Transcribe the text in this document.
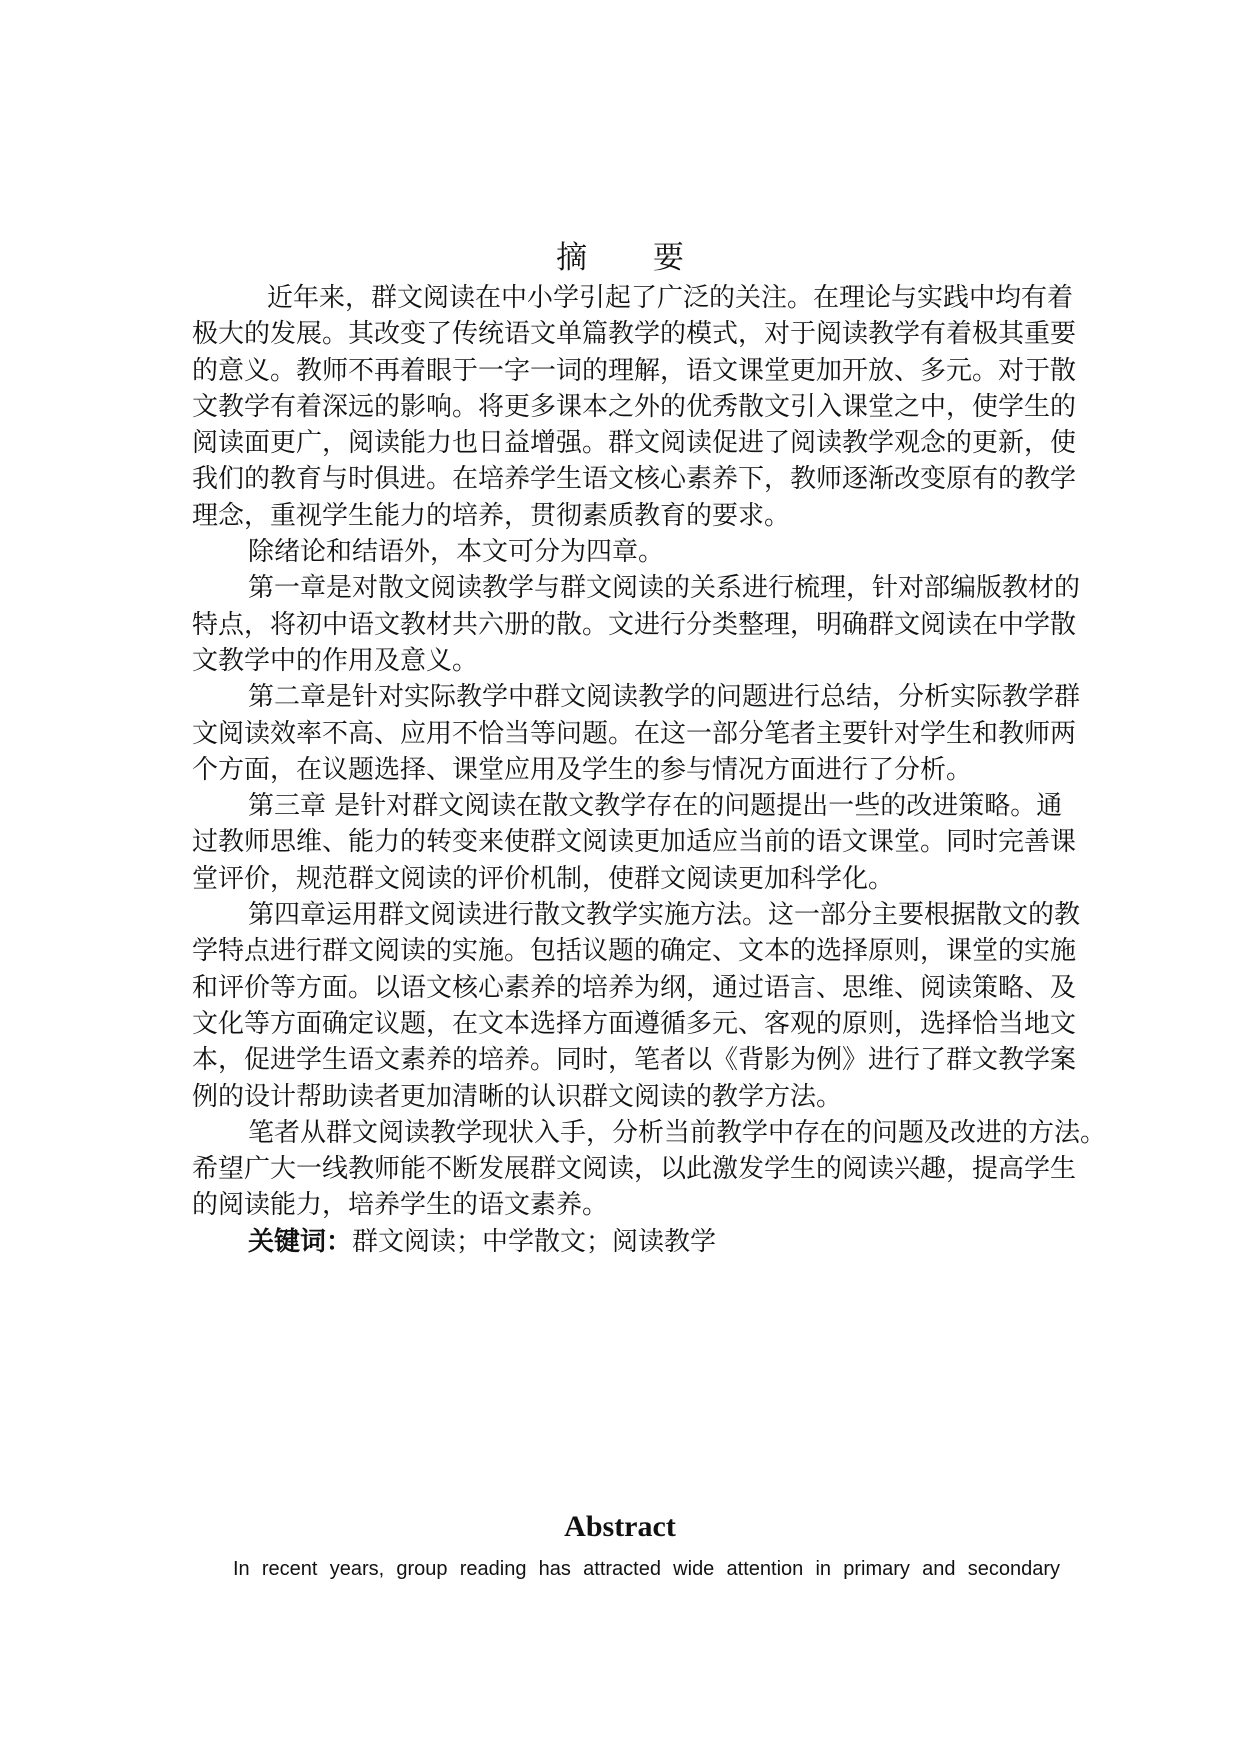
摘 要
近年来，群文阅读在中小学引起了广泛的关注。在理论与实践中均有着
极大的发展。其改变了传统语文单篇教学的模式，对于阅读教学有着极其重要
的意义。教师不再着眼于一字一词的理解，语文课堂更加开放、多元。对于散
文教学有着深远的影响。将更多课本之外的优秀散文引入课堂之中，使学生的
阅读面更广，阅读能力也日益增强。群文阅读促进了阅读教学观念的更新，使
我们的教育与时俱进。在培养学生语文核心素养下，教师逐渐改变原有的教学
理念，重视学生能力的培养，贯彻素质教育的要求。
除绪论和结语外，本文可分为四章。
第一章是对散文阅读教学与群文阅读的关系进行梳理，针对部编版教材的
特点，将初中语文教材共六册的散。文进行分类整理，明确群文阅读在中学散
文教学中的作用及意义。
第二章是针对实际教学中群文阅读教学的问题进行总结，分析实际教学群
文阅读效率不高、应用不恰当等问题。在这一部分笔者主要针对学生和教师两
个方面，在议题选择、课堂应用及学生的参与情况方面进行了分析。
第三章 是针对群文阅读在散文教学存在的问题提出一些的改进策略。通
过教师思维、能力的转变来使群文阅读更加适应当前的语文课堂。同时完善课
堂评价，规范群文阅读的评价机制，使群文阅读更加科学化。
第四章运用群文阅读进行散文教学实施方法。这一部分主要根据散文的教
学特点进行群文阅读的实施。包括议题的确定、文本的选择原则，课堂的实施
和评价等方面。以语文核心素养的培养为纲，通过语言、思维、阅读策略、及
文化等方面确定议题，在文本选择方面遵循多元、客观的原则，选择恰当地文
本，促进学生语文素养的培养。同时，笔者以《背影为例》进行了群文教学案
例的设计帮助读者更加清晰的认识群文阅读的教学方法。
笔者从群文阅读教学现状入手，分析当前教学中存在的问题及改进的方法。
希望广大一线教师能不断发展群文阅读，以此激发学生的阅读兴趣，提高学生
的阅读能力，培养学生的语文素养。
关键词：群文阅读；中学散文；阅读教学
Abstract
In recent years, group reading has attracted wide attention in primary and secondary
